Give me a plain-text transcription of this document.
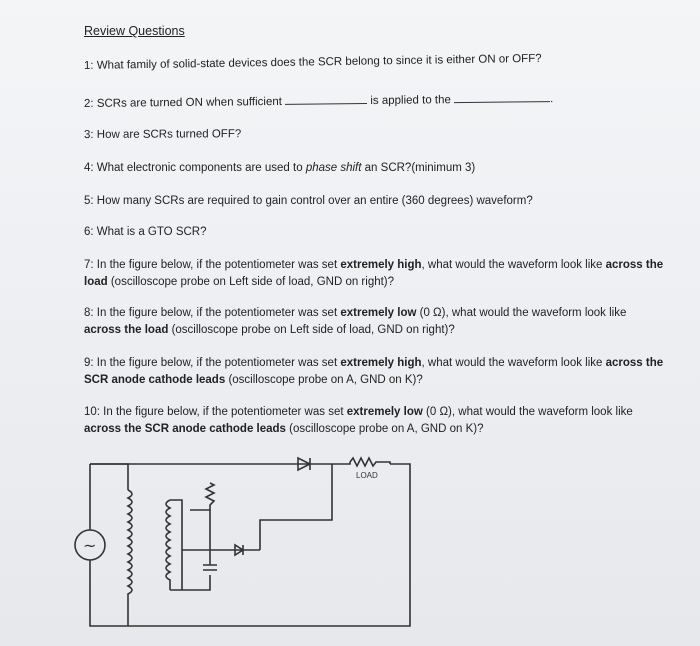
Review Questions
1: What family of solid-state devices does the SCR belong to since it is either ON or OFF?
2: SCRs are turned ON when sufficient	is applied to the	.
3: How are SCRs turned OFF?
4: What electronic components are used to phase shift an SCR?(minimum 3)
5: How many SCRs are required to gain control over an entire (360 degrees) waveform?
6: What is a GTO SCR?
7: In the figure below, if the potentiometer was set extremely high, what would the waveform look like across the load (oscilloscope probe on Left side of load, GND on right)?
8: In the figure below, if the potentiometer was set extremely low (0 Ω), what would the waveform look like across the load (oscilloscope probe on Left side of load, GND on right)?
9: In the figure below, if the potentiometer was set extremely high, what would the waveform look like across the SCR anode cathode leads (oscilloscope probe on A, GND on K)?
10: In the figure below, if the potentiometer was set extremely low (0 Ω), what would the waveform look like across the SCR anode cathode leads (oscilloscope probe on A, GND on K)?
~
LOAD
